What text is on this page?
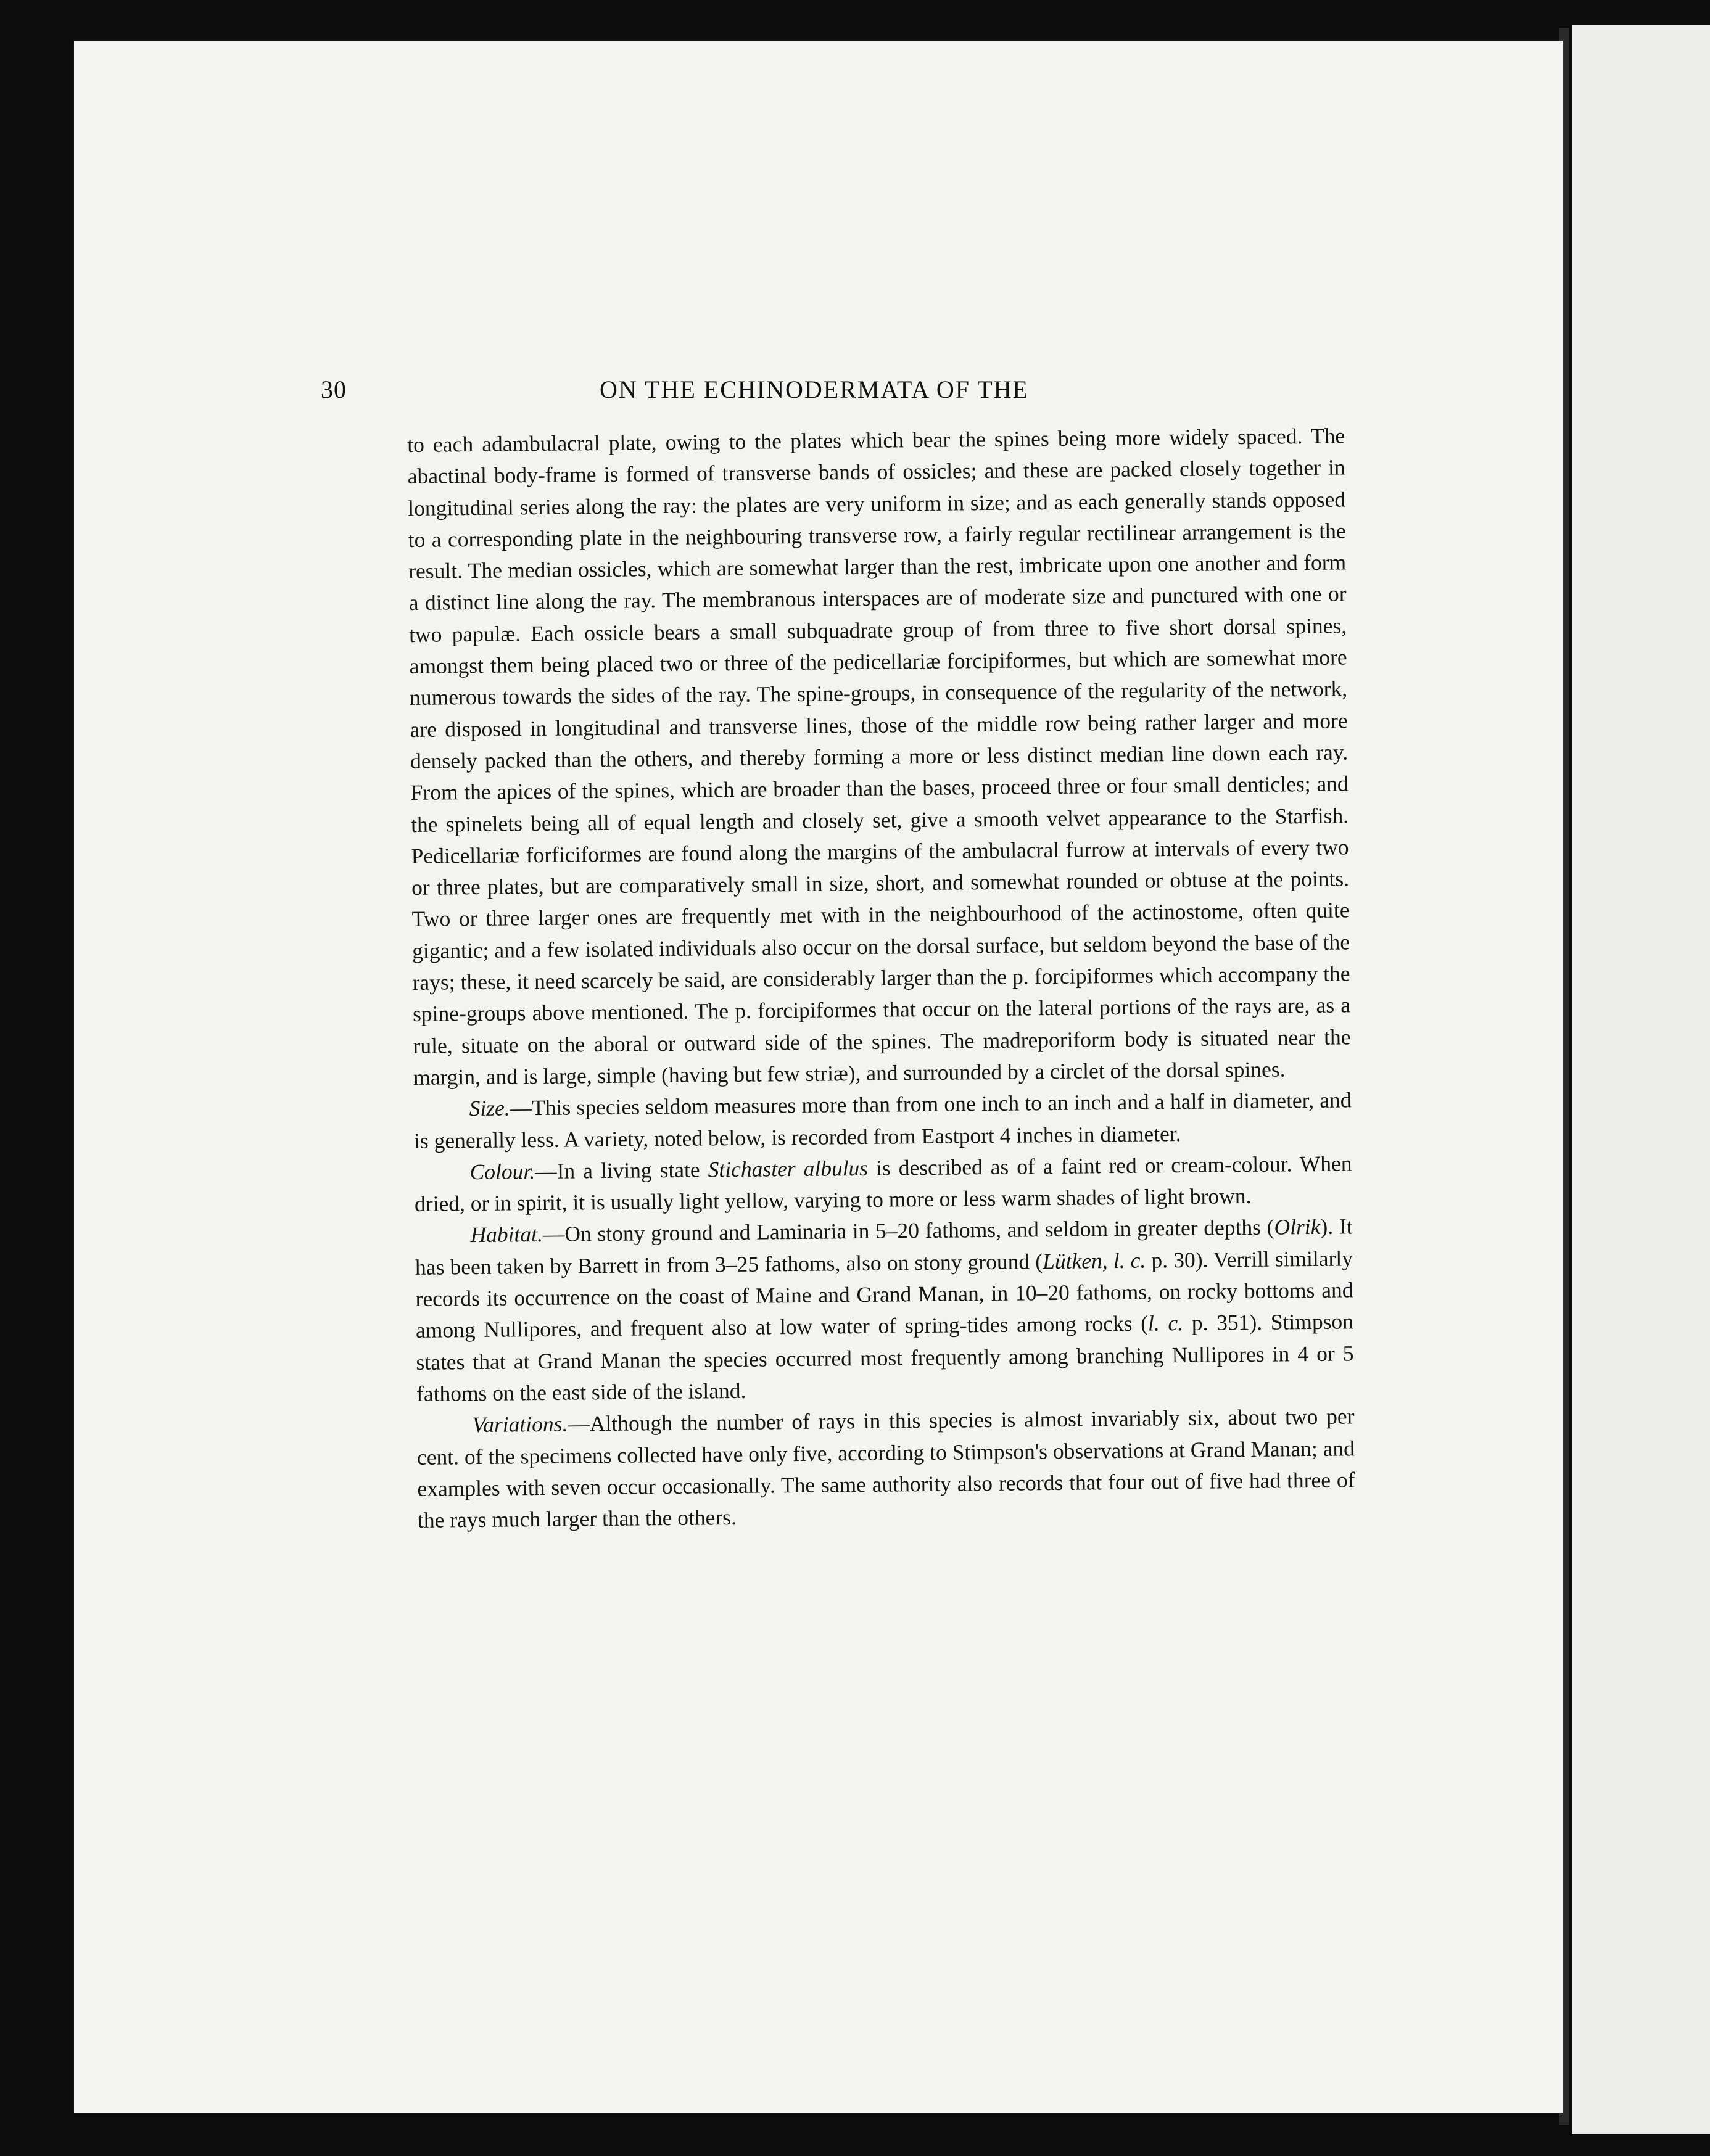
30	ON THE ECHINODERMATA OF THE

to each adambulacral plate, owing to the plates which bear the spines being more widely spaced. The abactinal body-frame is formed of transverse bands of ossicles; and these are packed closely together in longitudinal series along the ray: the plates are very uniform in size; and as each generally stands opposed to a corresponding plate in the neighbouring transverse row, a fairly regular rectilinear arrangement is the result. The median ossicles, which are somewhat larger than the rest, imbricate upon one another and form a distinct line along the ray. The membranous interspaces are of moderate size and punctured with one or two papulæ. Each ossicle bears a small subquadrate group of from three to five short dorsal spines, amongst them being placed two or three of the pedicellariæ forcipiformes, but which are somewhat more numerous towards the sides of the ray. The spine-groups, in consequence of the regularity of the network, are disposed in longitudinal and transverse lines, those of the middle row being rather larger and more densely packed than the others, and thereby forming a more or less distinct median line down each ray. From the apices of the spines, which are broader than the bases, proceed three or four small denticles; and the spinelets being all of equal length and closely set, give a smooth velvet appearance to the Starfish. Pedicellariæ forficiformes are found along the margins of the ambulacral furrow at intervals of every two or three plates, but are comparatively small in size, short, and somewhat rounded or obtuse at the points. Two or three larger ones are frequently met with in the neighbourhood of the actinostome, often quite gigantic; and a few isolated individuals also occur on the dorsal surface, but seldom beyond the base of the rays; these, it need scarcely be said, are considerably larger than the p. forcipiformes which accompany the spine-groups above mentioned. The p. forcipiformes that occur on the lateral portions of the rays are, as a rule, situate on the aboral or outward side of the spines. The madreporiform body is situated near the margin, and is large, simple (having but few striæ), and surrounded by a circlet of the dorsal spines.

Size.—This species seldom measures more than from one inch to an inch and a half in diameter, and is generally less. A variety, noted below, is recorded from Eastport 4 inches in diameter.

Colour.—In a living state Stichaster albulus is described as of a faint red or cream-colour. When dried, or in spirit, it is usually light yellow, varying to more or less warm shades of light brown.

Habitat.—On stony ground and Laminaria in 5–20 fathoms, and seldom in greater depths (Olrik). It has been taken by Barrett in from 3–25 fathoms, also on stony ground (Lütken, l. c. p. 30). Verrill similarly records its occurrence on the coast of Maine and Grand Manan, in 10–20 fathoms, on rocky bottoms and among Nullipores, and frequent also at low water of spring-tides among rocks (l. c. p. 351). Stimpson states that at Grand Manan the species occurred most frequently among branching Nullipores in 4 or 5 fathoms on the east side of the island.

Variations.—Although the number of rays in this species is almost invariably six, about two per cent. of the specimens collected have only five, according to Stimpson's observations at Grand Manan; and examples with seven occur occasionally. The same authority also records that four out of five had three of the rays much larger than the others.
